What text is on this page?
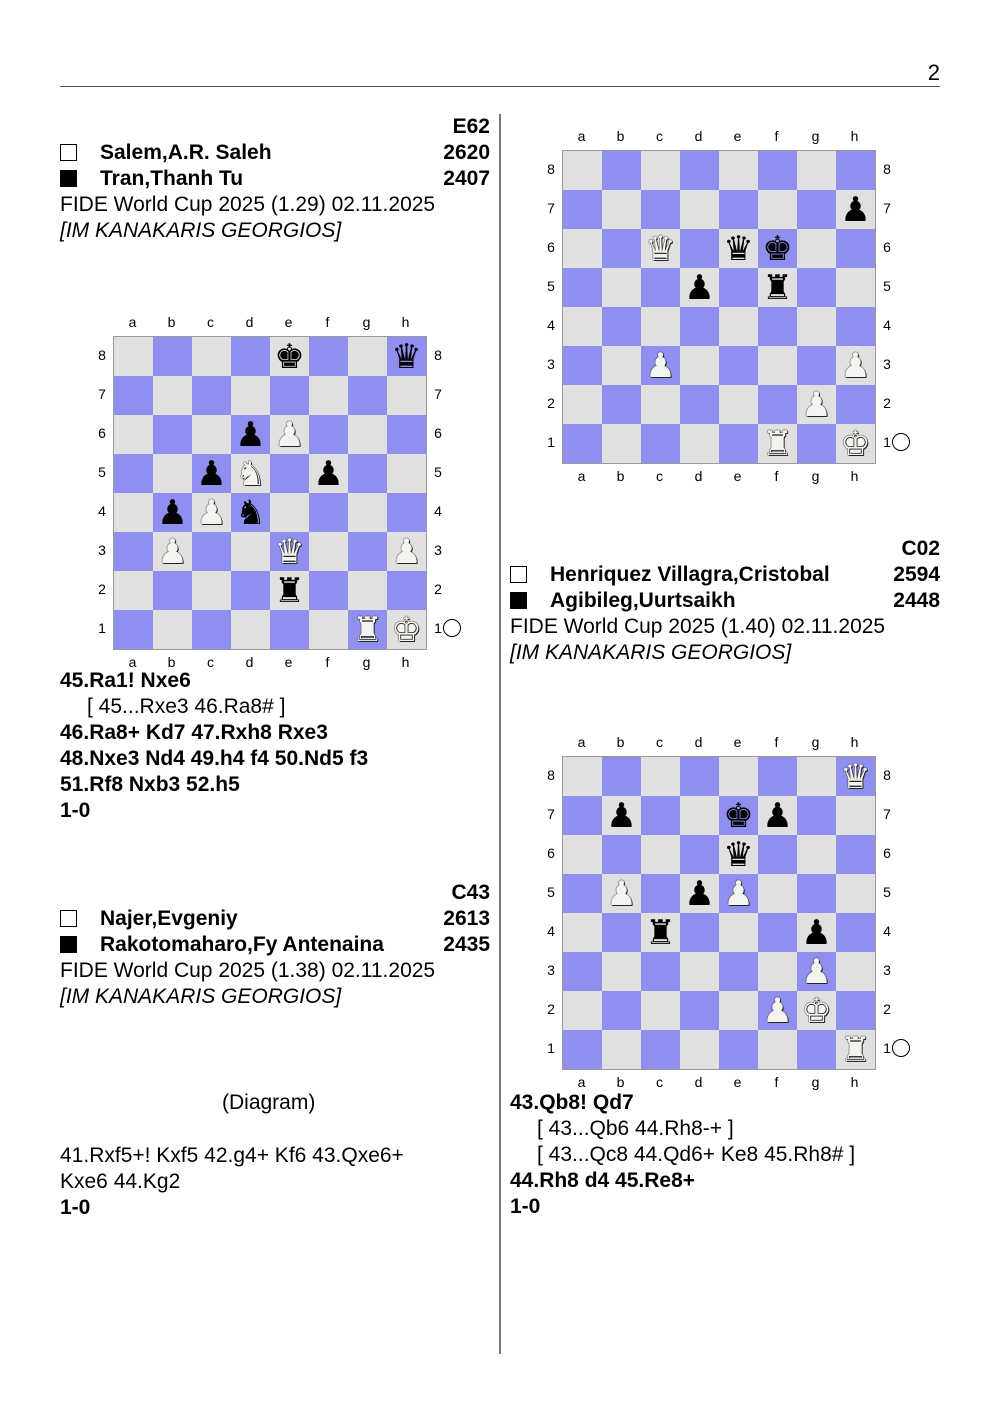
2
E62
Salem,A.R. Saleh	2620
Tran,Thanh Tu	2407
FIDE World Cup 2025 (1.29) 02.11.2025
[IM KANAKARIS GEORGIOS]
a
a
b
b
c
c
d
d
e
e
f
f
g
g
h
h
8	8
7	7
6	6
5	5
4	4
3	3
2	2
1	1
♚	♛
♟ ♟
♟ ♞ ♟
♟ ♟ ♞
♟	♛	♟
♜
♜ ♚
45.Ra1! Nxe6
[ 45...Rxe3 46.Ra8# ]
46.Ra8+ Kd7 47.Rxh8 Rxe3
48.Nxe3 Nd4 49.h4 f4 50.Nd5 f3
51.Rf8 Nxb3 52.h5
1-0
C43
Najer,Evgeniy	2613
Rakotomaharo,Fy Antenaina	2435
FIDE World Cup 2025 (1.38) 02.11.2025
[IM KANAKARIS GEORGIOS]
(Diagram)
41.Rxf5+! Kxf5 42.g4+ Kf6 43.Qxe6+
Kxe6 44.Kg2
1-0
a
a
b
b
c
c
d
d
e
e
f
f
g
g
h
h
8	8
7	7
6	6
5	5
4	4
3	3
2	2
1	1
♟
♛ ♛ ♚
♟ ♜
♟	♟
♟
♜ ♚
C02
Henriquez Villagra,Cristobal	2594
Agibileg,Uurtsaikh	2448
FIDE World Cup 2025 (1.40) 02.11.2025
[IM KANAKARIS GEORGIOS]
a
a
b
b
c
c
d
d
e
e
f
f
g
g
h
h
8	8
7	7
6	6
5	5
4	4
3	3
2	2
1	1
♛
♟	♚ ♟
♛
♟ ♟ ♟
♜	♟
♟
♟ ♚
♜
43.Qb8! Qd7
[ 43...Qb6 44.Rh8-+ ]
[ 43...Qc8 44.Qd6+ Ke8 45.Rh8# ]
44.Rh8 d4 45.Re8+
1-0
